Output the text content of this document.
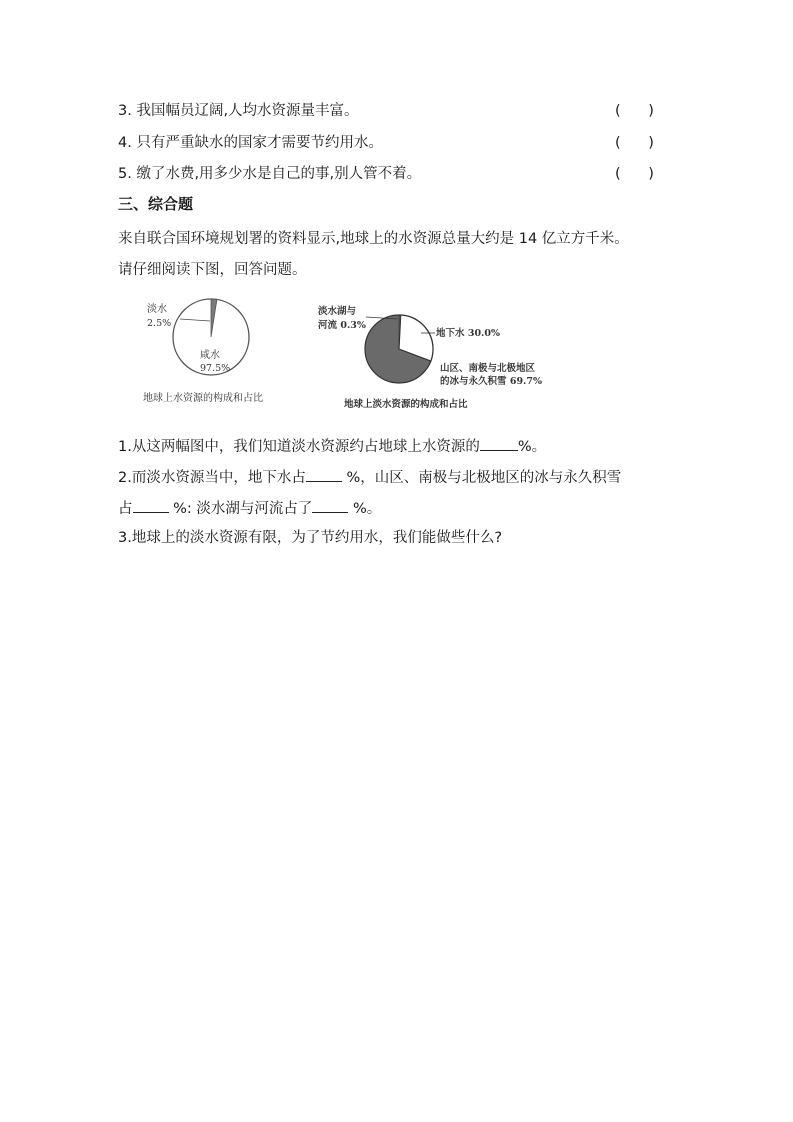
3. 我国幅员辽阔,人均水资源量丰富。	(      )
4. 只有严重缺水的国家才需要节约用水。	(      )
5. 缴了水费,用多少水是自己的事,别人管不着。	(      )
三、综合题
来自联合国环境规划署的资料显示,地球上的水资源总量大约是 14 亿立方千米。
请仔细阅读下图，回答问题。
淡水
2.5%
咸水
97.5%
地球上水资源的构成和占比
淡水湖与
河流 0.3%
地下水 30.0%
山区、南极与北极地区
的冰与永久积雪 69.7%
地球上淡水资源的构成和占比
1.从这两幅图中，我们知道淡水资源约占地球上水资源的	%。
2.而淡水资源当中，地下水占 %，山区、南极与北极地区的冰与永久积雪
占 %: 淡水湖与河流占了 %。
3.地球上的淡水资源有限，为了节约用水，我们能做些什么?
